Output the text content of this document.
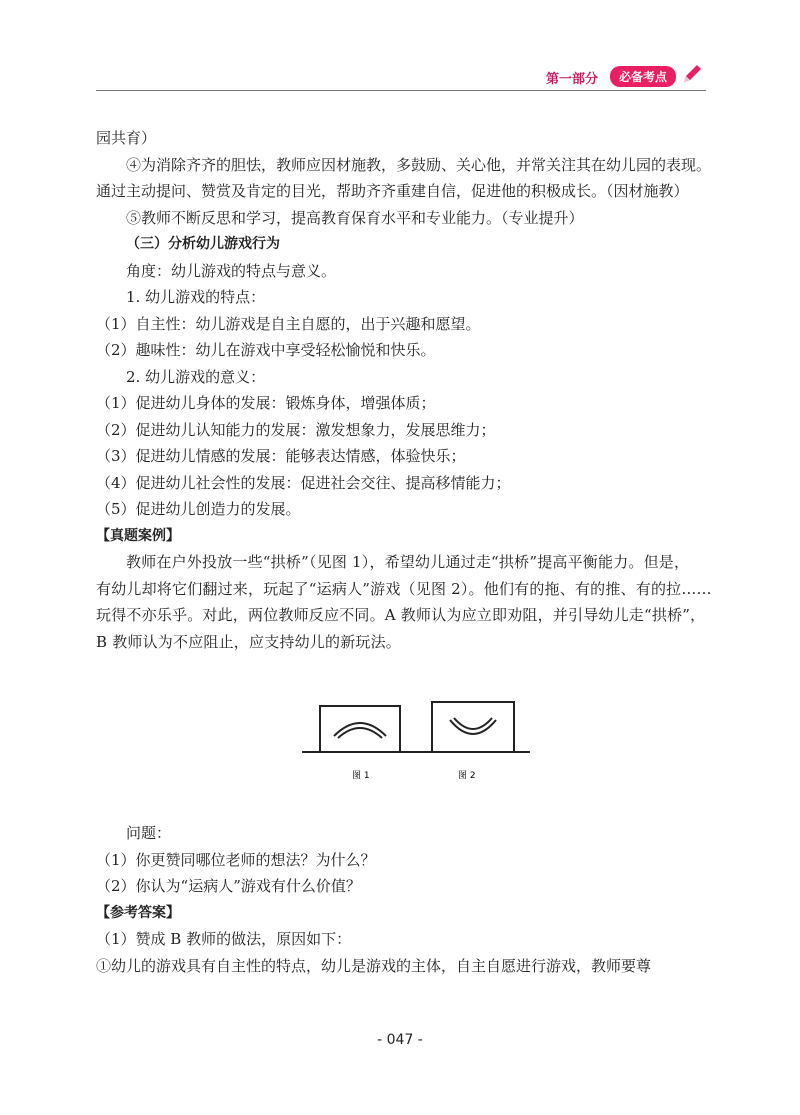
第一部分	必备考点

园共育）

④为消除齐齐的胆怯，教师应因材施教，多鼓励、关心他，并常关注其在幼儿园的表现。

通过主动提问、赞赏及肯定的目光，帮助齐齐重建自信，促进他的积极成长。（因材施教）

⑤教师不断反思和学习，提高教育保育水平和专业能力。（专业提升）

（三）分析幼儿游戏行为

角度：幼儿游戏的特点与意义。

1. 幼儿游戏的特点：

（1）自主性：幼儿游戏是自主自愿的，出于兴趣和愿望。

（2）趣味性：幼儿在游戏中享受轻松愉悦和快乐。

2. 幼儿游戏的意义：

（1）促进幼儿身体的发展：锻炼身体，增强体质；

（2）促进幼儿认知能力的发展：激发想象力，发展思维力；

（3）促进幼儿情感的发展：能够表达情感，体验快乐；

（4）促进幼儿社会性的发展：促进社会交往、提高移情能力；

（5）促进幼儿创造力的发展。

【真题案例】

教师在户外投放一些“拱桥”（见图 1），希望幼儿通过走“拱桥”提高平衡能力。但是，

有幼儿却将它们翻过来，玩起了“运病人”游戏（见图 2）。他们有的拖、有的推、有的拉……

玩得不亦乐乎。对此，两位教师反应不同。A 教师认为应立即劝阻，并引导幼儿走“拱桥”，

B 教师认为不应阻止，应支持幼儿的新玩法。

图 1	图 2

问题：

（1）你更赞同哪位老师的想法？为什么？

（2）你认为“运病人”游戏有什么价值？

【参考答案】

（1）赞成 B 教师的做法，原因如下：

①幼儿的游戏具有自主性的特点，幼儿是游戏的主体，自主自愿进行游戏，教师要尊

- 047 -
